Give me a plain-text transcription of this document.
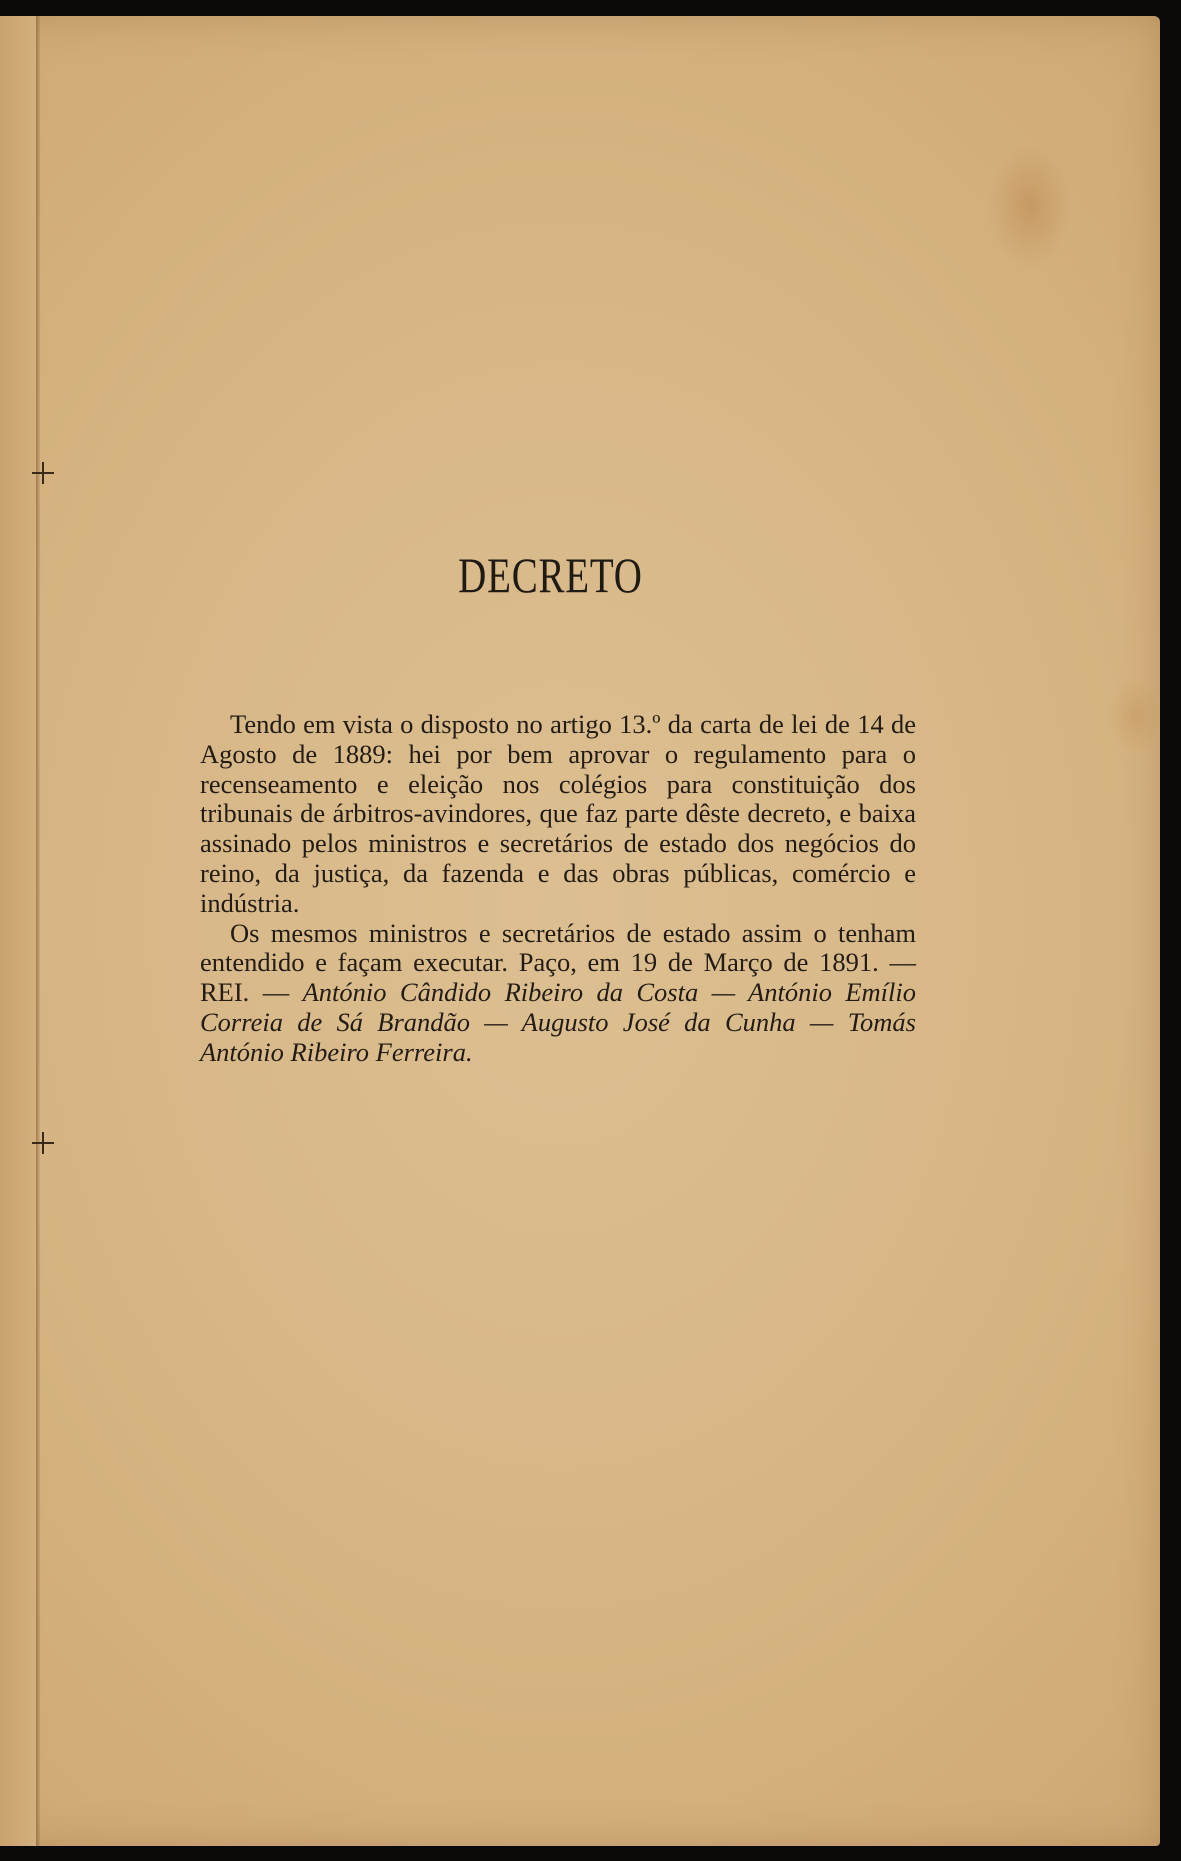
DECRETO

Tendo em vista o disposto no artigo 13.º da carta de lei de 14 de Agosto de 1889: hei por bem aprovar o regulamento para o recenseamento e eleição nos colégios para constituição dos tribunais de árbitros-avindores, que faz parte dêste decreto, e baixa assinado pelos ministros e secretários de estado dos negócios do reino, da justiça, da fazenda e das obras públicas, comércio e indústria.

Os mesmos ministros e secretários de estado assim o tenham entendido e façam executar. Paço, em 19 de Março de 1891. — REI. — António Cândido Ribeiro da Costa — António Emílio Correia de Sá Brandão — Augusto José da Cunha — Tomás António Ribeiro Ferreira.
